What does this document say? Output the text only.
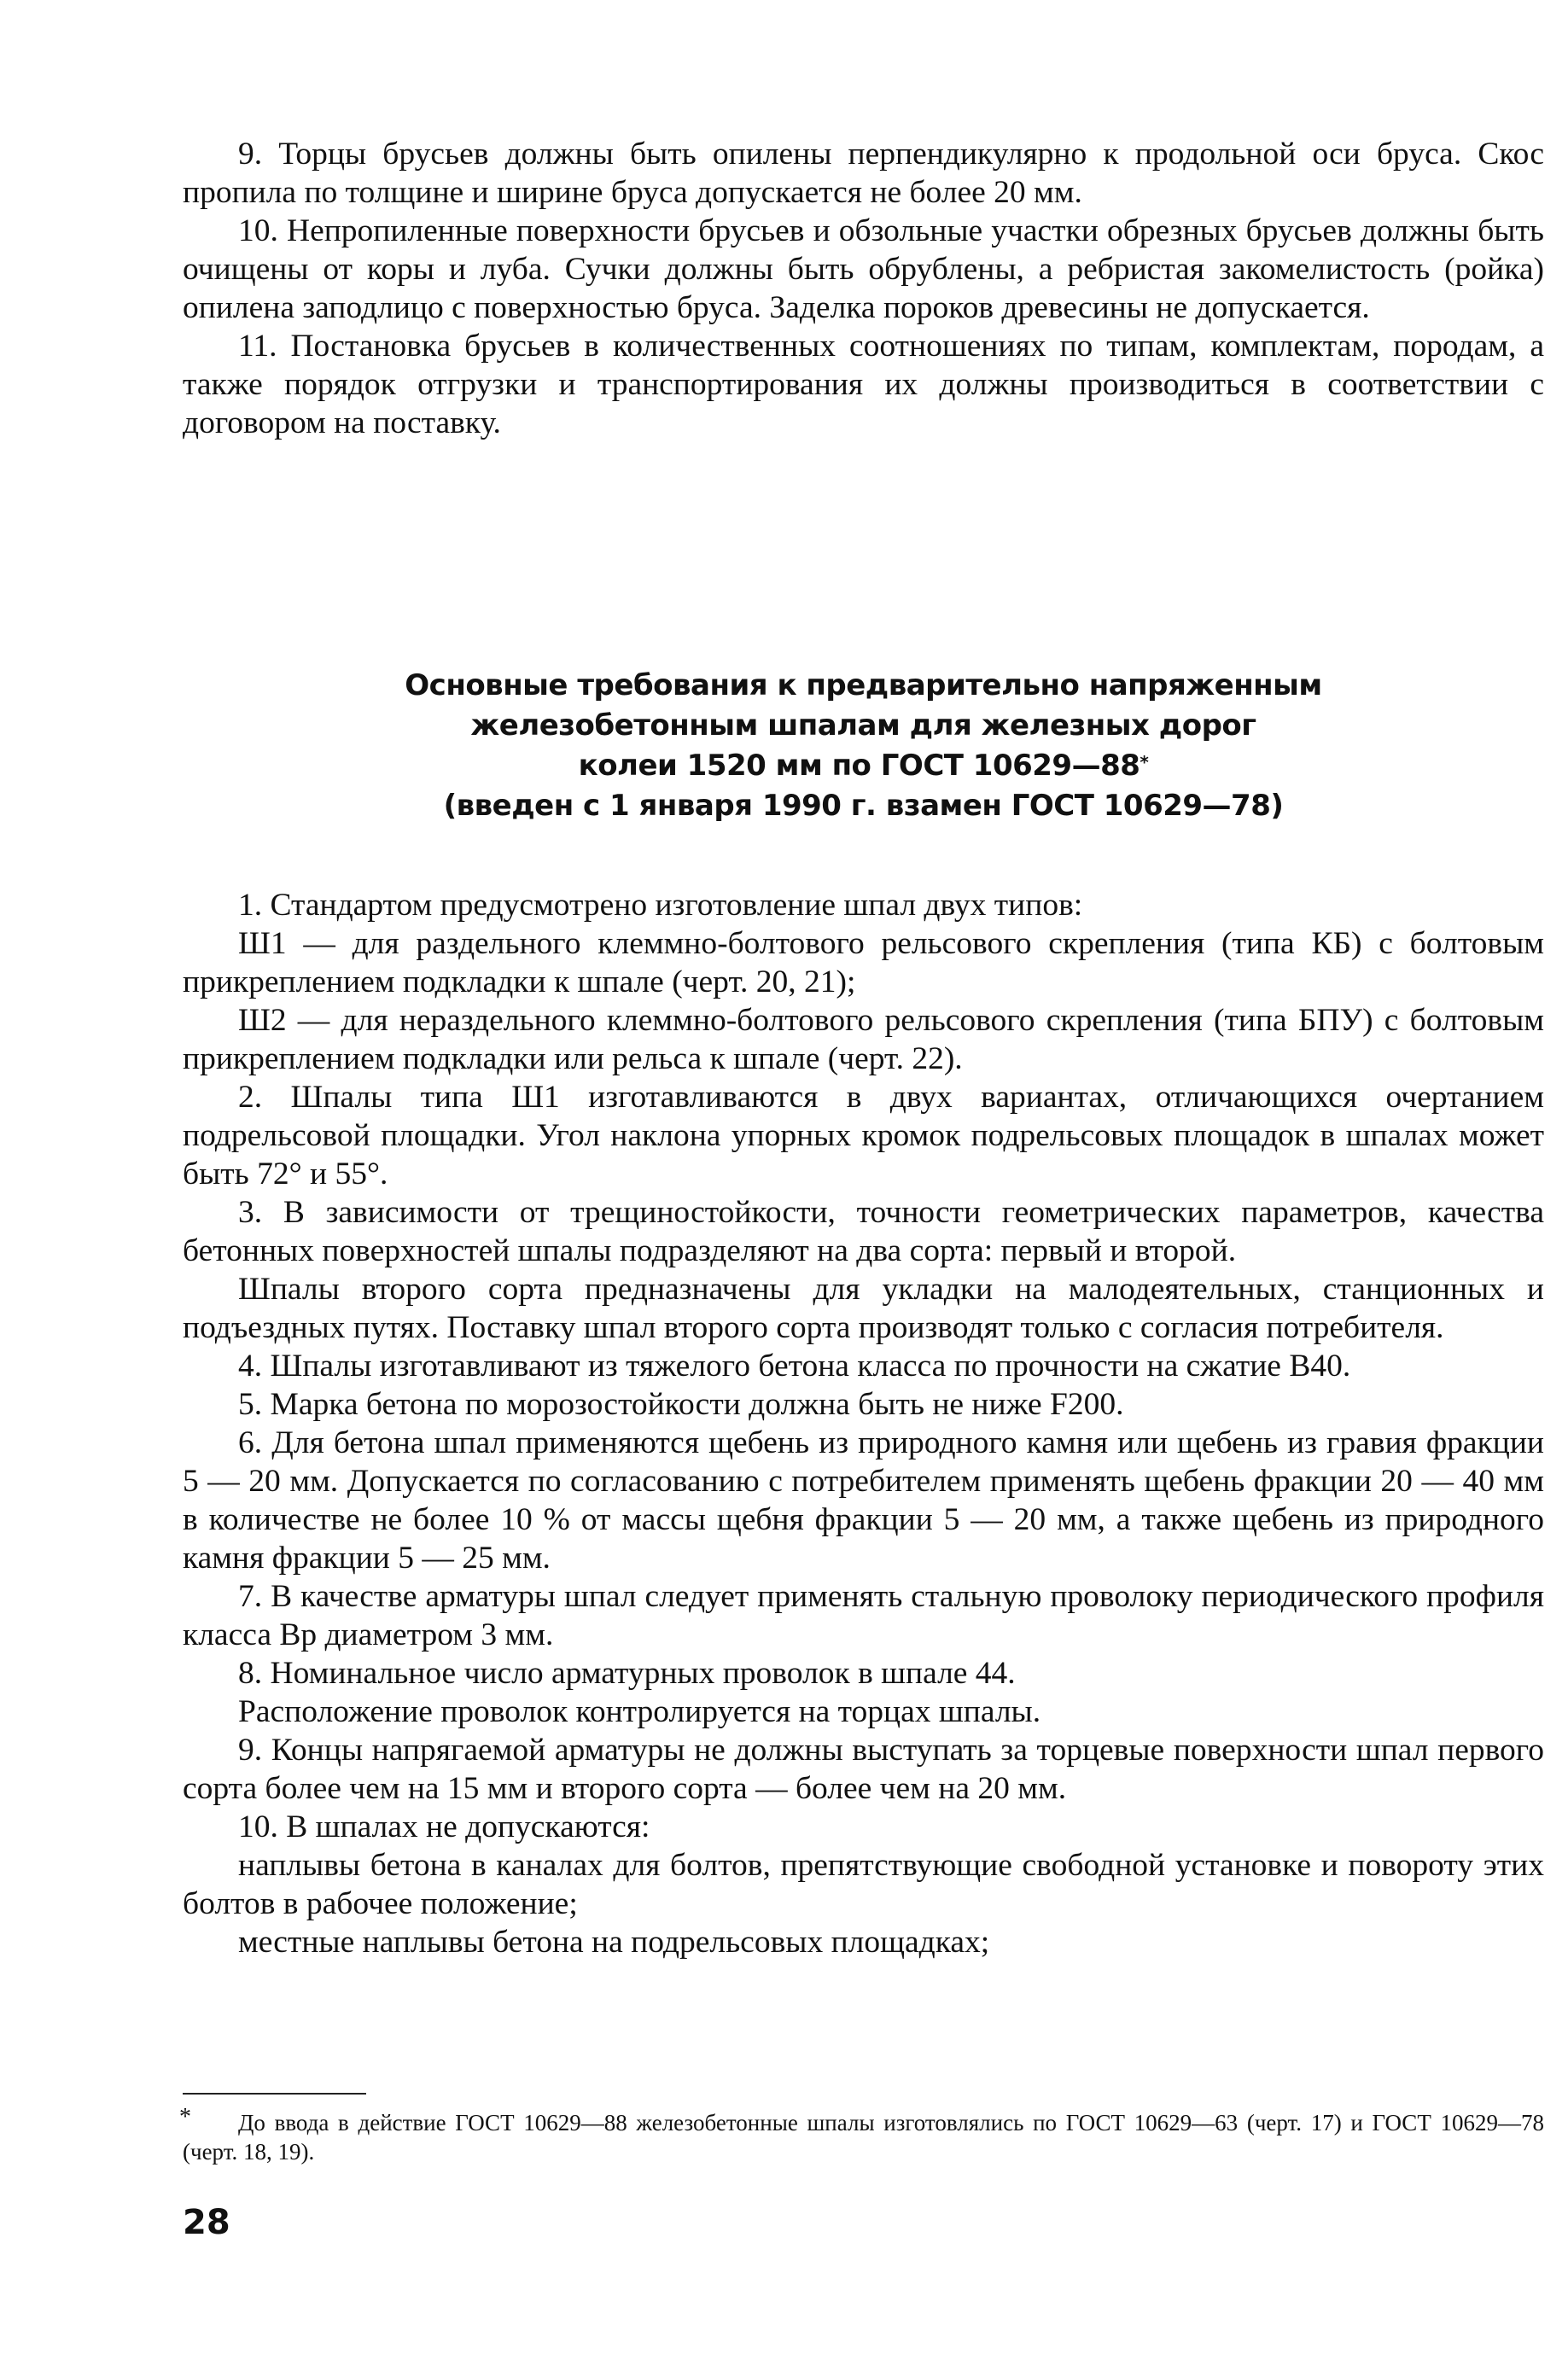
9. Торцы брусьев должны быть опилены перпендикулярно к продольной оси бруса. Скос пропила по толщине и ширине бруса допускается не более 20 мм.

10. Непропиленные поверхности брусьев и обзольные участки обрезных брусьев должны быть очищены от коры и луба. Сучки должны быть обрублены, а ребристая закомелистость (ройка) опилена заподлицо с поверхностью бруса. Заделка пороков древесины не допускается.

11. Постановка брусьев в количественных соотношениях по типам, комплектам, породам, а также порядок отгрузки и транспортирования их должны производиться в соответствии с договором на поставку.

Основные требования к предварительно напряженным
железобетонным шпалам для железных дорог
колеи 1520 мм по ГОСТ 10629—88*
(введен с 1 января 1990 г. взамен ГОСТ 10629—78)

1. Стандартом предусмотрено изготовление шпал двух типов:

Ш1 — для раздельного клеммно-болтового рельсового скрепления (типа КБ) с болтовым прикреплением подкладки к шпале (черт. 20, 21);

Ш2 — для нераздельного клеммно-болтового рельсового скрепления (типа БПУ) с болтовым прикреплением подкладки или рельса к шпале (черт. 22).

2. Шпалы типа Ш1 изготавливаются в двух вариантах, отличающихся очертанием подрельсовой площадки. Угол наклона упорных кромок подрельсовых площадок в шпалах может быть 72° и 55°.

3. В зависимости от трещиностойкости, точности геометрических параметров, качества бетонных поверхностей шпалы подразделяют на два сорта: первый и второй.

Шпалы второго сорта предназначены для укладки на малодеятельных, станционных и подъездных путях. Поставку шпал второго сорта производят только с согласия потребителя.

4. Шпалы изготавливают из тяжелого бетона класса по прочности на сжатие В40.

5. Марка бетона по морозостойкости должна быть не ниже F200.

6. Для бетона шпал применяются щебень из природного камня или щебень из гравия фракции 5 — 20 мм. Допускается по согласованию с потребителем применять щебень фракции 20 — 40 мм в количестве не более 10 % от массы щебня фракции 5 — 20 мм, а также щебень из природного камня фракции 5 — 25 мм.

7. В качестве арматуры шпал следует применять стальную проволоку периодического профиля класса Вр диаметром 3 мм.

8. Номинальное число арматурных проволок в шпале 44.

Расположение проволок контролируется на торцах шпалы.

9. Концы напрягаемой арматуры не должны выступать за торцевые поверхности шпал первого сорта более чем на 15 мм и второго сорта — более чем на 20 мм.

10. В шпалах не допускаются:

наплывы бетона в каналах для болтов, препятствующие свободной установке и повороту этих болтов в рабочее положение;

местные наплывы бетона на подрельсовых площадках;

*	До ввода в действие ГОСТ 10629—88 железобетонные шпалы изготовлялись по ГОСТ 10629—63 (черт. 17) и ГОСТ 10629—78 (черт. 18, 19).

28
